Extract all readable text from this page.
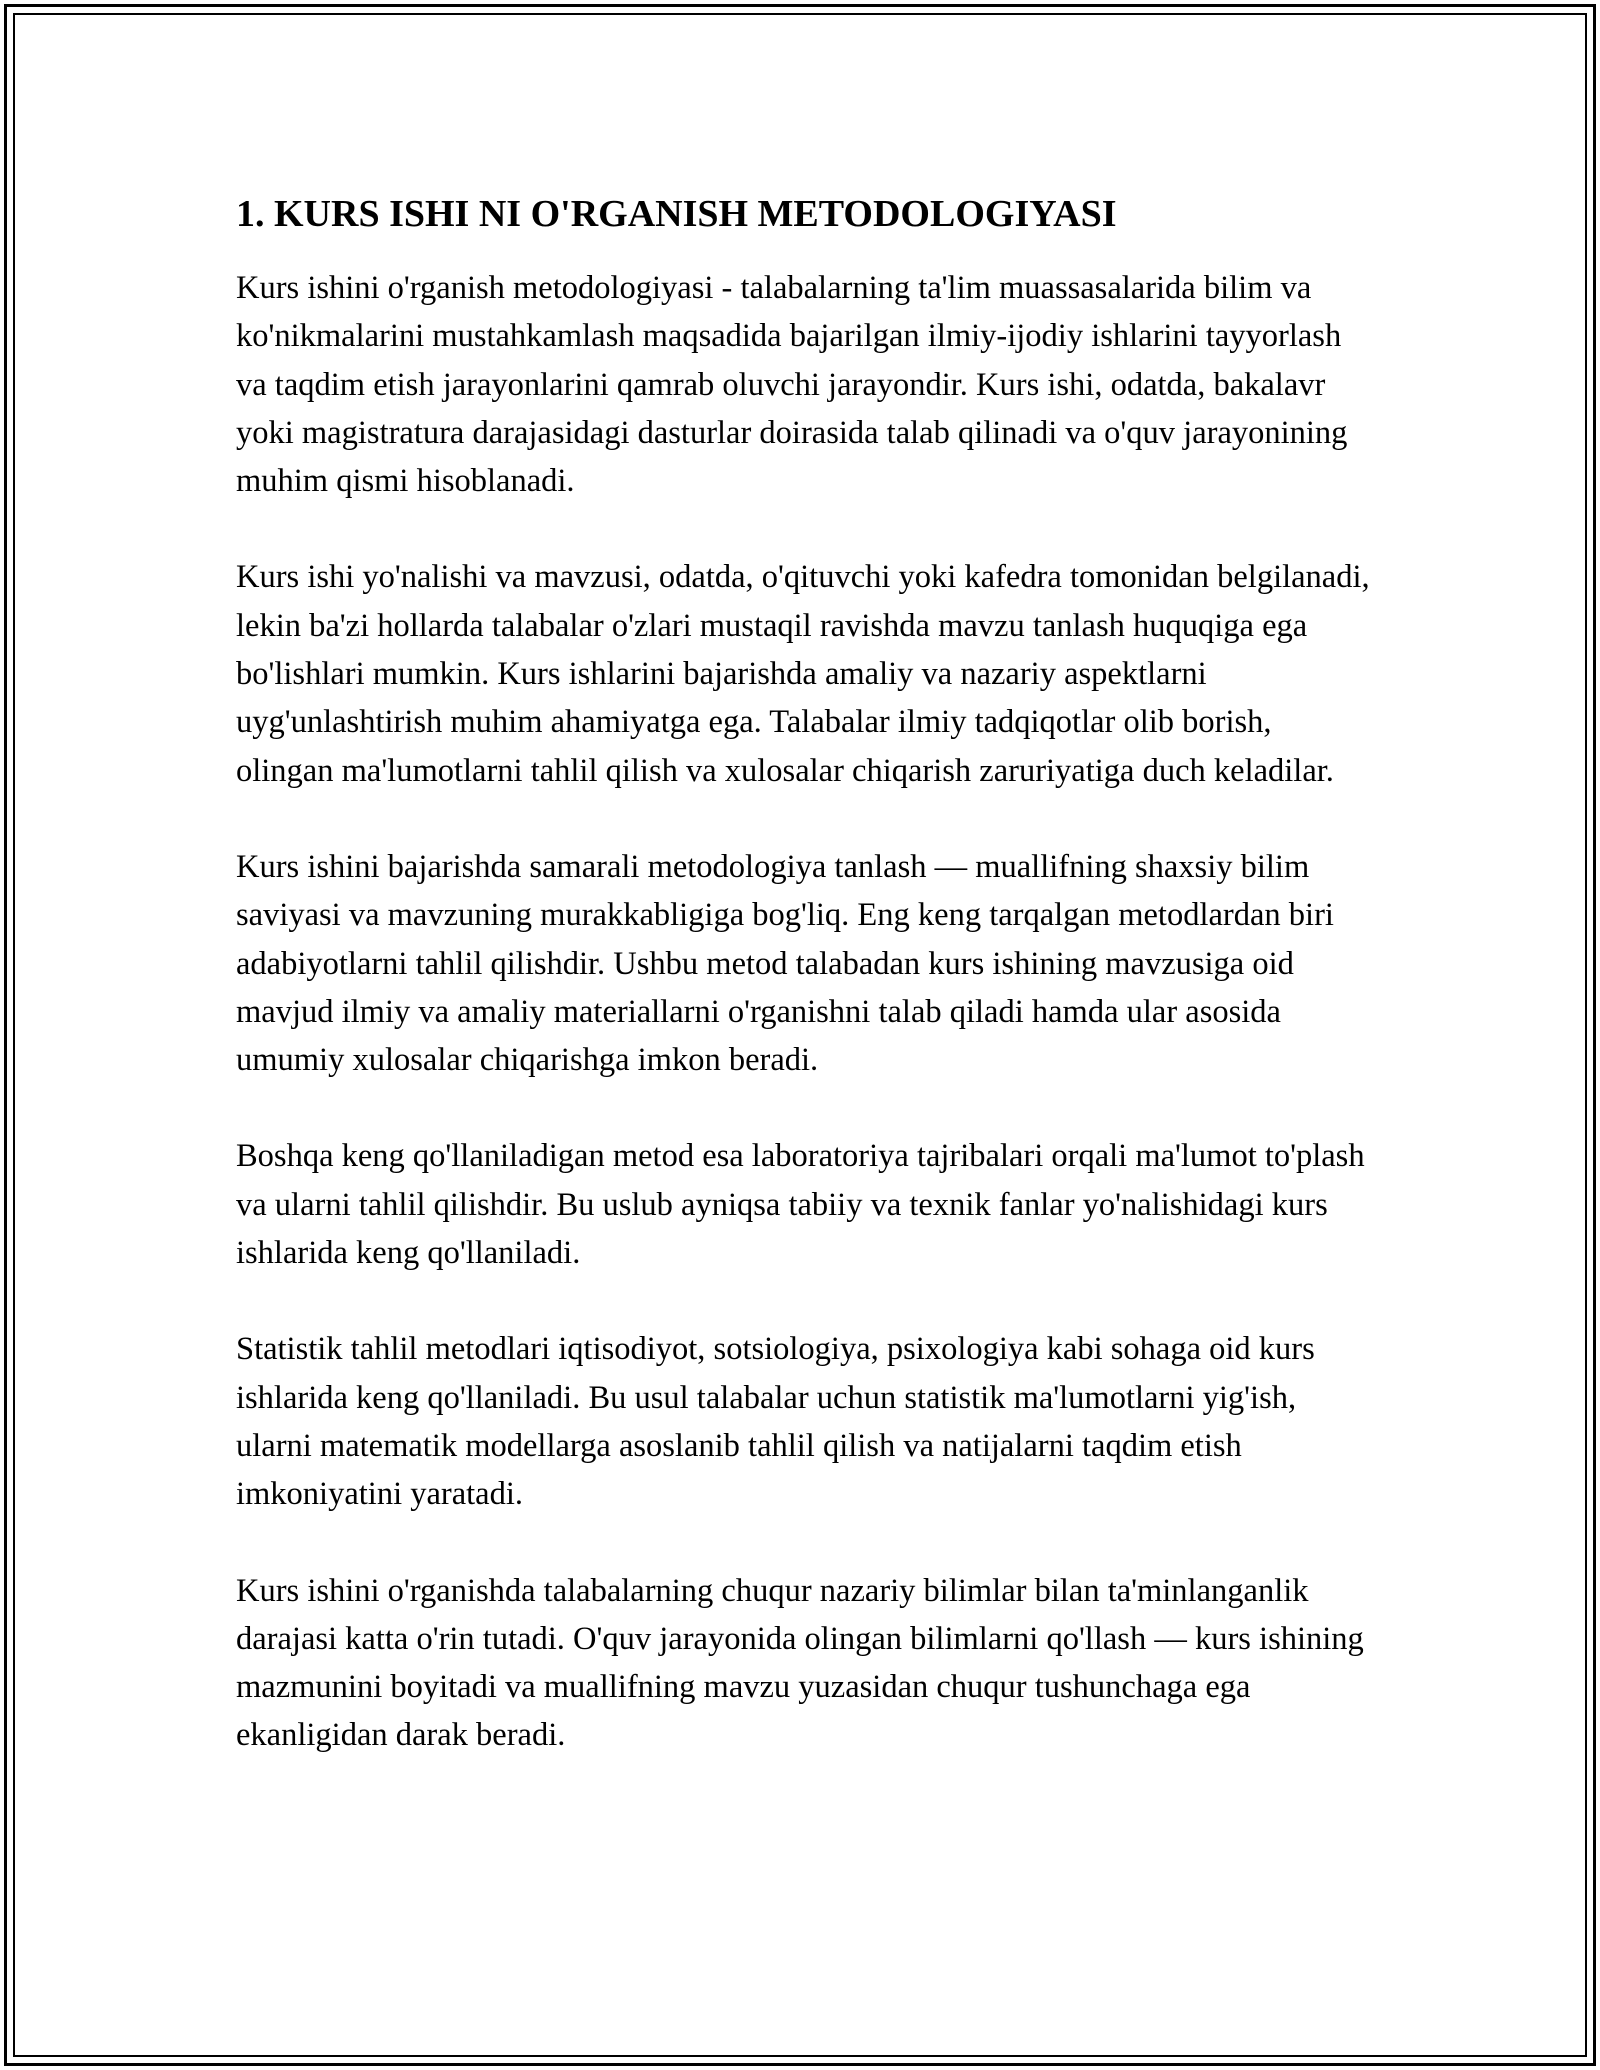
1. KURS ISHI NI O'RGANISH METODOLOGIYASI

Kurs ishini o'rganish metodologiyasi - talabalarning ta'lim muassasalarida bilim va ko'nikmalarini mustahkamlash maqsadida bajarilgan ilmiy-ijodiy ishlarini tayyorlash va taqdim etish jarayonlarini qamrab oluvchi jarayondir. Kurs ishi, odatda, bakalavr yoki magistratura darajasidagi dasturlar doirasida talab qilinadi va o'quv jarayonining muhim qismi hisoblanadi.

Kurs ishi yo'nalishi va mavzusi, odatda, o'qituvchi yoki kafedra tomonidan belgilanadi, lekin ba'zi hollarda talabalar o'zlari mustaqil ravishda mavzu tanlash huquqiga ega bo'lishlari mumkin. Kurs ishlarini bajarishda amaliy va nazariy aspektlarni uyg'unlashtirish muhim ahamiyatga ega. Talabalar ilmiy tadqiqotlar olib borish, olingan ma'lumotlarni tahlil qilish va xulosalar chiqarish zaruriyatiga duch keladilar.

Kurs ishini bajarishda samarali metodologiya tanlash — muallifning shaxsiy bilim saviyasi va mavzuning murakkabligiga bog'liq. Eng keng tarqalgan metodlardan biri adabiyotlarni tahlil qilishdir. Ushbu metod talabadan kurs ishining mavzusiga oid mavjud ilmiy va amaliy materiallarni o'rganishni talab qiladi hamda ular asosida umumiy xulosalar chiqarishga imkon beradi.

Boshqa keng qo'llaniladigan metod esa laboratoriya tajribalari orqali ma'lumot to'plash va ularni tahlil qilishdir. Bu uslub ayniqsa tabiiy va texnik fanlar yo'nalishidagi kurs ishlarida keng qo'llaniladi.

Statistik tahlil metodlari iqtisodiyot, sotsiologiya, psixologiya kabi sohaga oid kurs ishlarida keng qo'llaniladi. Bu usul talabalar uchun statistik ma'lumotlarni yig'ish, ularni matematik modellarga asoslanib tahlil qilish va natijalarni taqdim etish imkoniyatini yaratadi.

Kurs ishini o'rganishda talabalarning chuqur nazariy bilimlar bilan ta'minlanganlik darajasi katta o'rin tutadi. O'quv jarayonida olingan bilimlarni qo'llash — kurs ishining mazmunini boyitadi va muallifning mavzu yuzasidan chuqur tushunchaga ega ekanligidan darak beradi.
